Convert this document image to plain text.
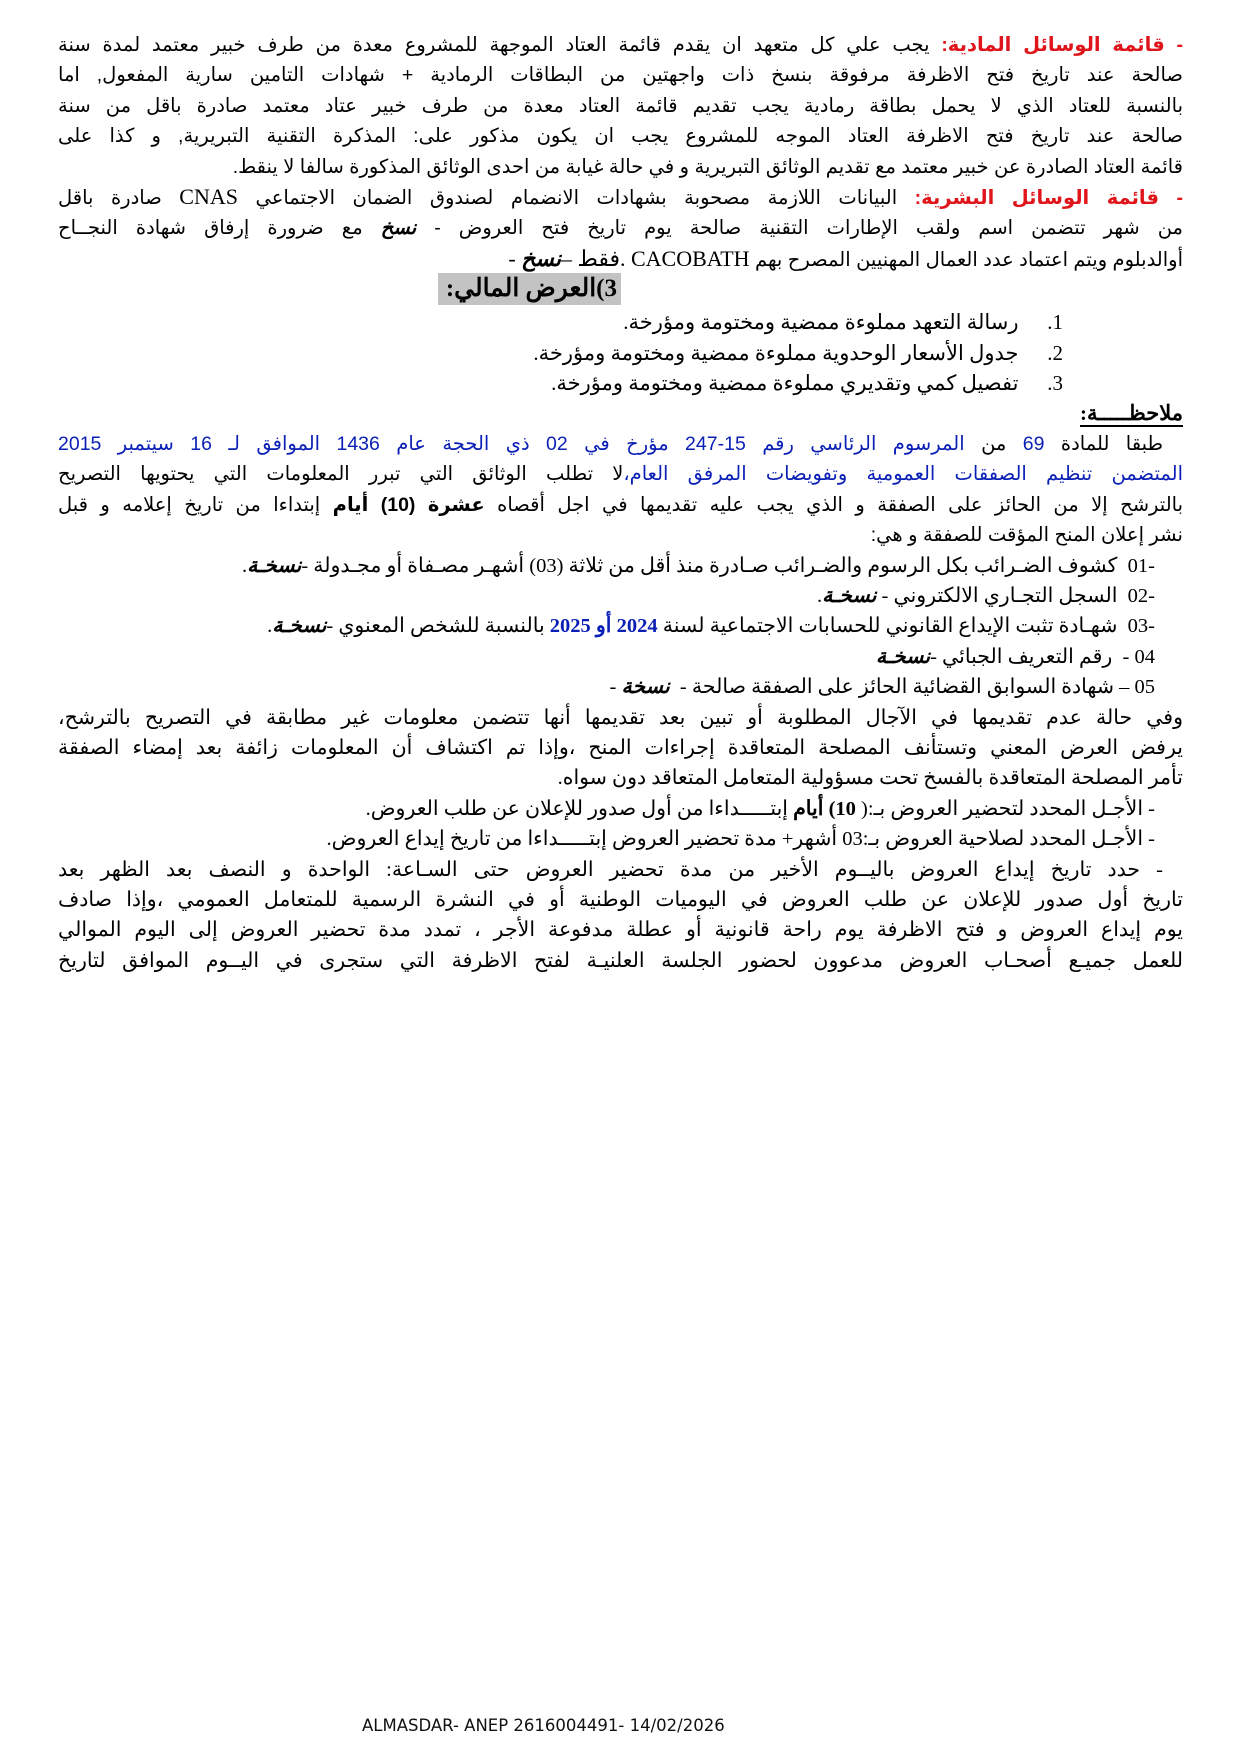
- قائمة الوسائل المادية: يجب علي كل متعهد ان يقدم قائمة العتاد الموجهة للمشروع معدة من طرف خبير معتمد لمدة سنة
صالحة عند تاريخ فتح الاظرفة مرفوقة بنسخ ذات واجهتين من البطاقات الرمادية + شهادات التامين سارية المفعول, اما
بالنسبة للعتاد الذي لا يحمل بطاقة رمادية يجب تقديم قائمة العتاد معدة من طرف خبير عتاد معتمد صادرة باقل من سنة
صالحة عند تاريخ فتح الاظرفة العتاد الموجه للمشروع يجب ان يكون مذكور على: المذكرة التقنية التبريرية, و كذا على
قائمة العتاد الصادرة عن خبير معتمد مع تقديم الوثائق التبريرية و في حالة غيابة من احدى الوثائق المذكورة سالفا لا ينقط.
- قائمة الوسائل البشرية: البيانات اللازمة مصحوبة بشهادات الانضمام لصندوق الضمان الاجتماعي CNAS صادرة باقل
من شهر تتضمن اسم ولقب الإطارات التقنية صالحة يوم تاريخ فتح العروض - نسخ مع ضرورة إرفاق شهادة النجــاح
أوالدبلوم ويتم اعتماد عدد العمال المهنيين المصرح بهم CACOBATH .فقط –نسخ -
3)العرض المالي:
1.  رسالة التعهد مملوءة ممضية ومختومة ومؤرخة.
2.  جدول الأسعار الوحدوية مملوءة ممضية ومختومة ومؤرخة.
3.  تفصيل كمي وتقديري مملوءة ممضية ومختومة ومؤرخة.
ملاحظـــــة:
طبقا للمادة 69 من المرسوم الرئاسي رقم 15-247 مؤرخ في 02 ذي الحجة عام 1436 الموافق لـ 16 سيتمبر 2015
المتضمن تنظيم الصفقات العمومية وتفويضات المرفق العام،لا تطلب الوثائق التي تبرر المعلومات التي يحتويها التصريح
بالترشح إلا من الحائز على الصفقة و الذي يجب عليه تقديمها في اجل أقصاه عشرة (10) أيام إبتداءا من تاريخ إعلامه و قبل
نشر إعلان المنح المؤقت للصفقة و هي:
-01  كشوف الضـرائب بكل الرسوم والضـرائب صـادرة منذ أقل من ثلاثة (03) أشهـر مصـفاة أو مجـدولة -نسخـة.
-02  السجل التجـاري الالكتروني - نسخـة.
-03  شهـادة تثبت الإيداع القانوني للحسابات الاجتماعية لسنة 2024 أو 2025 بالنسبة للشخص المعنوي -نسخـة.
04 -  رقم التعريف الجبائي -نسخـة
05 – شهادة السوابق القضائية الحائز على الصفقة صالحة -  نسخة -
وفي حالة عدم تقديمها في الآجال المطلوبة أو تبين بعد تقديمها أنها تتضمن معلومات غير مطابقة في التصريح بالترشح،
يرفض العرض المعني وتستأنف المصلحة المتعاقدة إجراءات المنح ،وإذا تم اكتشاف أن المعلومات زائفة بعد إمضاء الصفقة
تأمر المصلحة المتعاقدة بالفسخ تحت مسؤولية المتعامل المتعاقد دون سواه.
- الأجـل المحدد لتحضير العروض بـ:( 10) أيام إبتـــــداءا من أول صدور للإعلان عن طلب العروض.
- الأجـل المحدد لصلاحية العروض بـ:03 أشهر+ مدة تحضير العروض إبتـــــداءا من تاريخ إيداع العروض.
- حدد تاريخ إيداع العروض باليــوم الأخير من مدة تحضير العروض حتى السـاعة: الواحدة و النصف بعد الظهر بعد
تاريخ أول صدور للإعلان عن طلب العروض في اليوميات الوطنية أو في النشرة الرسمية للمتعامل العمومي ،وإذا صادف
يوم إيداع العروض و فتح الاظرفة يوم راحة قانونية أو عطلة مدفوعة الأجر ، تمدد مدة تحضير العروض إلى اليوم الموالي
للعمل جميـع أصحـاب العروض مدعوون لحضور الجلسة العلنيـة لفتح الاظرفة التي ستجرى في اليــوم الموافق لتاريخ
ALMASDAR- ANEP 2616004491- 14/02/2026
